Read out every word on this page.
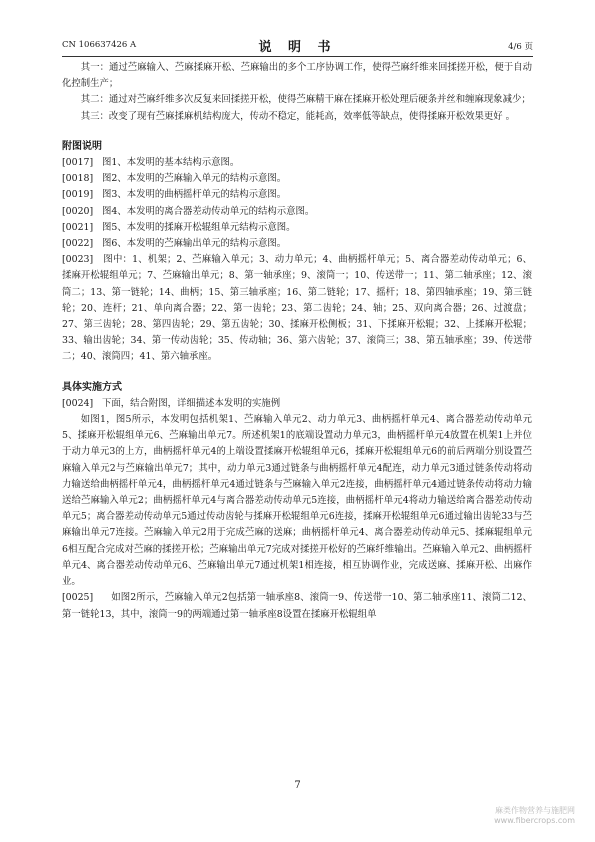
CN 106637426 A	说 明 书	4/6 页

其一：通过苎麻输入、苎麻揉麻开松、苎麻输出的多个工序协调工作，使得苎麻纤维来回揉搓开松，便于自动化控制生产；

其二：通过对苎麻纤维多次反复来回揉搓开松，使得苎麻精干麻在揉麻开松处理后硬条并丝和缠麻现象减少；

其三：改变了现有苎麻揉麻机结构庞大，传动不稳定，能耗高，效率低等缺点，使得揉麻开松效果更好 。

附图说明

[0017] 图1、本发明的基本结构示意图。
[0018] 图2、本发明的苎麻输入单元的结构示意图。
[0019] 图3、本发明的曲柄摇杆单元的结构示意图。
[0020] 图4、本发明的离合器差动传动单元的结构示意图。
[0021] 图5、本发明的揉麻开松辊组单元结构示意图。
[0022] 图6、本发明的苎麻输出单元的结构示意图。

[0023] 图中：1、机架；2、苎麻输入单元；3、动力单元；4、曲柄摇杆单元；5、离合器差动传动单元；6、揉麻开松辊组单元；7、苎麻输出单元；8、第一轴承座；9、滚筒一；10、传送带一；11、第二轴承座；12、滚筒二；13、第一链轮；14、曲柄；15、第三轴承座；16、第二链轮；17、摇杆；18、第四轴承座；19、第三链轮；20、连杆；21、单向离合器；22、第一齿轮；23、第二齿轮；24、轴；25、双向离合器；26、过渡盘；27、第三齿轮；28、第四齿轮；29、第五齿轮；30、揉麻开松侧板；31、下揉麻开松辊；32、上揉麻开松辊；33、输出齿轮；34、第一传动齿轮；35、传动轴；36、第六齿轮；37、滚筒三；38、第五轴承座；39、传送带二；40、滚筒四；41、第六轴承座。

具体实施方式

[0024] 下面，结合附图，详细描述本发明的实施例

如图1，图5所示，本发明包括机架1、苎麻输入单元2、动力单元3、曲柄摇杆单元4、离合器差动传动单元5、揉麻开松辊组单元6、苎麻输出单元7。所述机架1的底端设置动力单元3，曲柄摇杆单元4放置在机架1上并位于动力单元3的上方，曲柄摇杆单元4的上端设置揉麻开松辊组单元6，揉麻开松辊组单元6的前后两端分别设置苎麻输入单元2与苎麻输出单元7；其中，动力单元3通过链条与曲柄摇杆单元4配连，动力单元3通过链条传动将动力输送给曲柄摇杆单元4，曲柄摇杆单元4通过链条与苎麻输入单元2连接，曲柄摇杆单元4通过链条传动将动力输送给苎麻输入单元2；曲柄摇杆单元4与离合器差动传动单元5连接，曲柄摇杆单元4将动力输送给离合器差动传动单元5；离合器差动传动单元5通过传动齿轮与揉麻开松辊组单元6连接，揉麻开松辊组单元6通过输出齿轮33与苎麻输出单元7连接。苎麻输入单元2用于完成苎麻的送麻；曲柄摇杆单元4、离合器差动传动单元5、揉麻辊组单元6相互配合完成对苎麻的揉搓开松；苎麻输出单元7完成对揉搓开松好的苎麻纤维输出。苎麻输入单元2、曲柄摇杆单元4、离合器差动传动单元6、苎麻输出单元7通过机架1相连接，相互协调作业，完成送麻、揉麻开松、出麻作业。

[0025] 如图2所示，苎麻输入单元2包括第一轴承座8、滚筒一9、传送带一10、第二轴承座11、滚筒二12、第一链轮13，其中，滚筒一9的两端通过第一轴承座8设置在揉麻开松辊组单

7
麻类作物营养与施肥网
www.fibercrops.com
